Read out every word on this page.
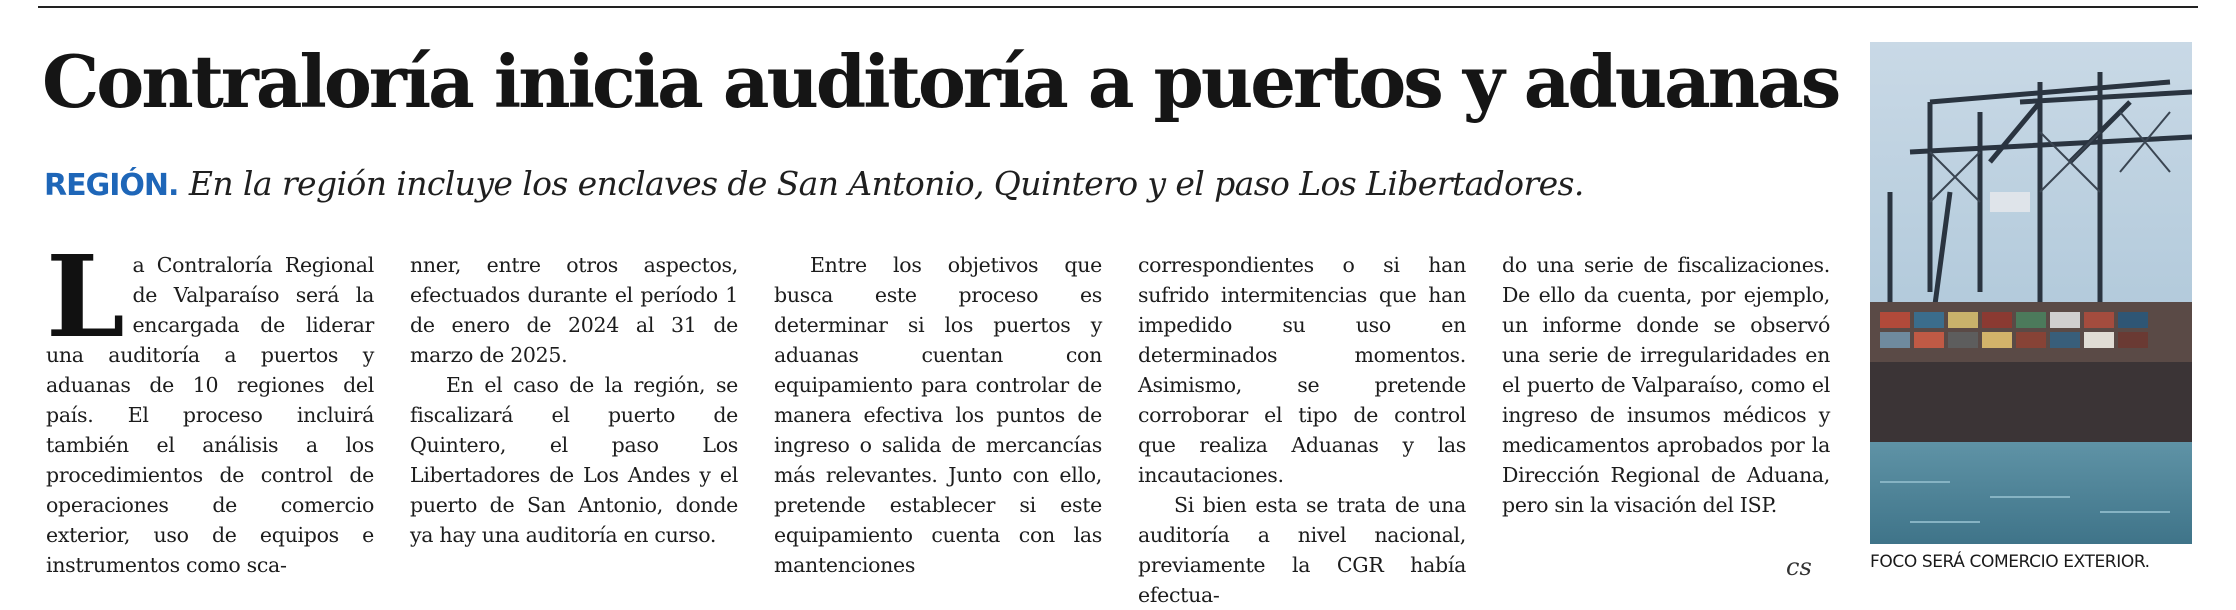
Contraloría inicia auditoría a puertos y aduanas
REGIÓN. En la región incluye los enclaves de San Antonio, Quintero y el paso Los Libertadores.
L a Contraloría Regional de Valparaíso será la encargada de liderar una auditoría a puertos y aduanas de 10 regiones del país. El proceso incluirá también el análisis a los procedimientos de control de operaciones de comercio exterior, uso de equipos e instrumentos como sca-

nner, entre otros aspectos, efectuados durante el período 1 de enero de 2024 al 31 de marzo de 2025.

En el caso de la región, se fiscalizará el puerto de Quintero, el paso Los Libertadores de Los Andes y el puerto de San Antonio, donde ya hay una auditoría en curso.

Entre los objetivos que busca este proceso es determinar si los puertos y aduanas cuentan con equipamiento para controlar de manera efectiva los puntos de ingreso o salida de mercancías más relevantes. Junto con ello, pretende establecer si este equipamiento cuenta con las mantenciones

correspondientes o si han sufrido intermitencias que han impedido su uso en determinados momentos. Asimismo, se pretende corroborar el tipo de control que realiza Aduanas y las incautaciones.

Si bien esta se trata de una auditoría a nivel nacional, previamente la CGR había efectua-

do una serie de fiscalizaciones. De ello da cuenta, por ejemplo, un informe donde se observó una serie de irregularidades en el puerto de Valparaíso, como el ingreso de insumos médicos y medicamentos aprobados por la Dirección Regional de Aduana, pero sin la visación del ISP.

cs	FOCO SERÁ COMERCIO EXTERIOR.
